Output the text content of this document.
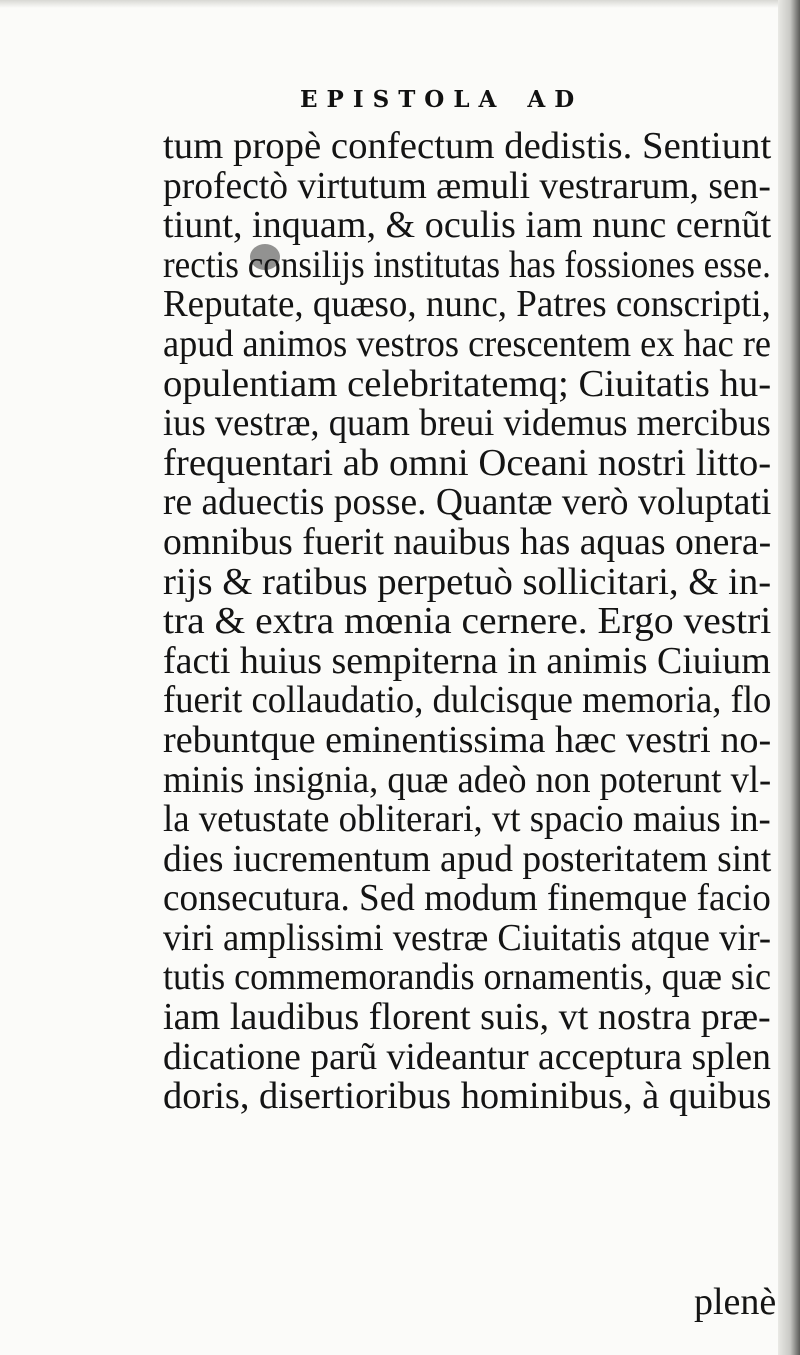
EPISTOLA AD
tum propè confectum dedistis. Sentiunt
profectò virtutum æmuli vestrarum, sen-
tiunt, inquam, & oculis iam nunc cernũt
rectis consilijs institutas has fossiones esse.
Reputate, quæso, nunc, Patres conscripti,
apud animos vestros crescentem ex hac re
opulentiam celebritatemq; Ciuitatis hu-
ius vestræ, quam breui videmus mercibus
frequentari ab omni Oceani nostri litto-
re aduectis posse. Quantæ verò voluptati
omnibus fuerit nauibus has aquas onera-
rijs & ratibus perpetuò sollicitari, & in-
tra & extra mœnia cernere. Ergo vestri
facti huius sempiterna in animis Ciuium
fuerit collaudatio, dulcisque memoria, flo
rebuntque eminentissima hæc vestri no-
minis insignia, quæ adeò non poterunt vl-
la vetustate obliterari, vt spacio maius in-
dies iucrementum apud posteritatem sint
consecutura. Sed modum finemque facio
viri amplissimi vestræ Ciuitatis atque vir-
tutis commemorandis ornamentis, quæ sic
iam laudibus florent suis, vt nostra præ-
dicatione parũ videantur acceptura splen
doris, disertioribus hominibus, à quibus
plenè
